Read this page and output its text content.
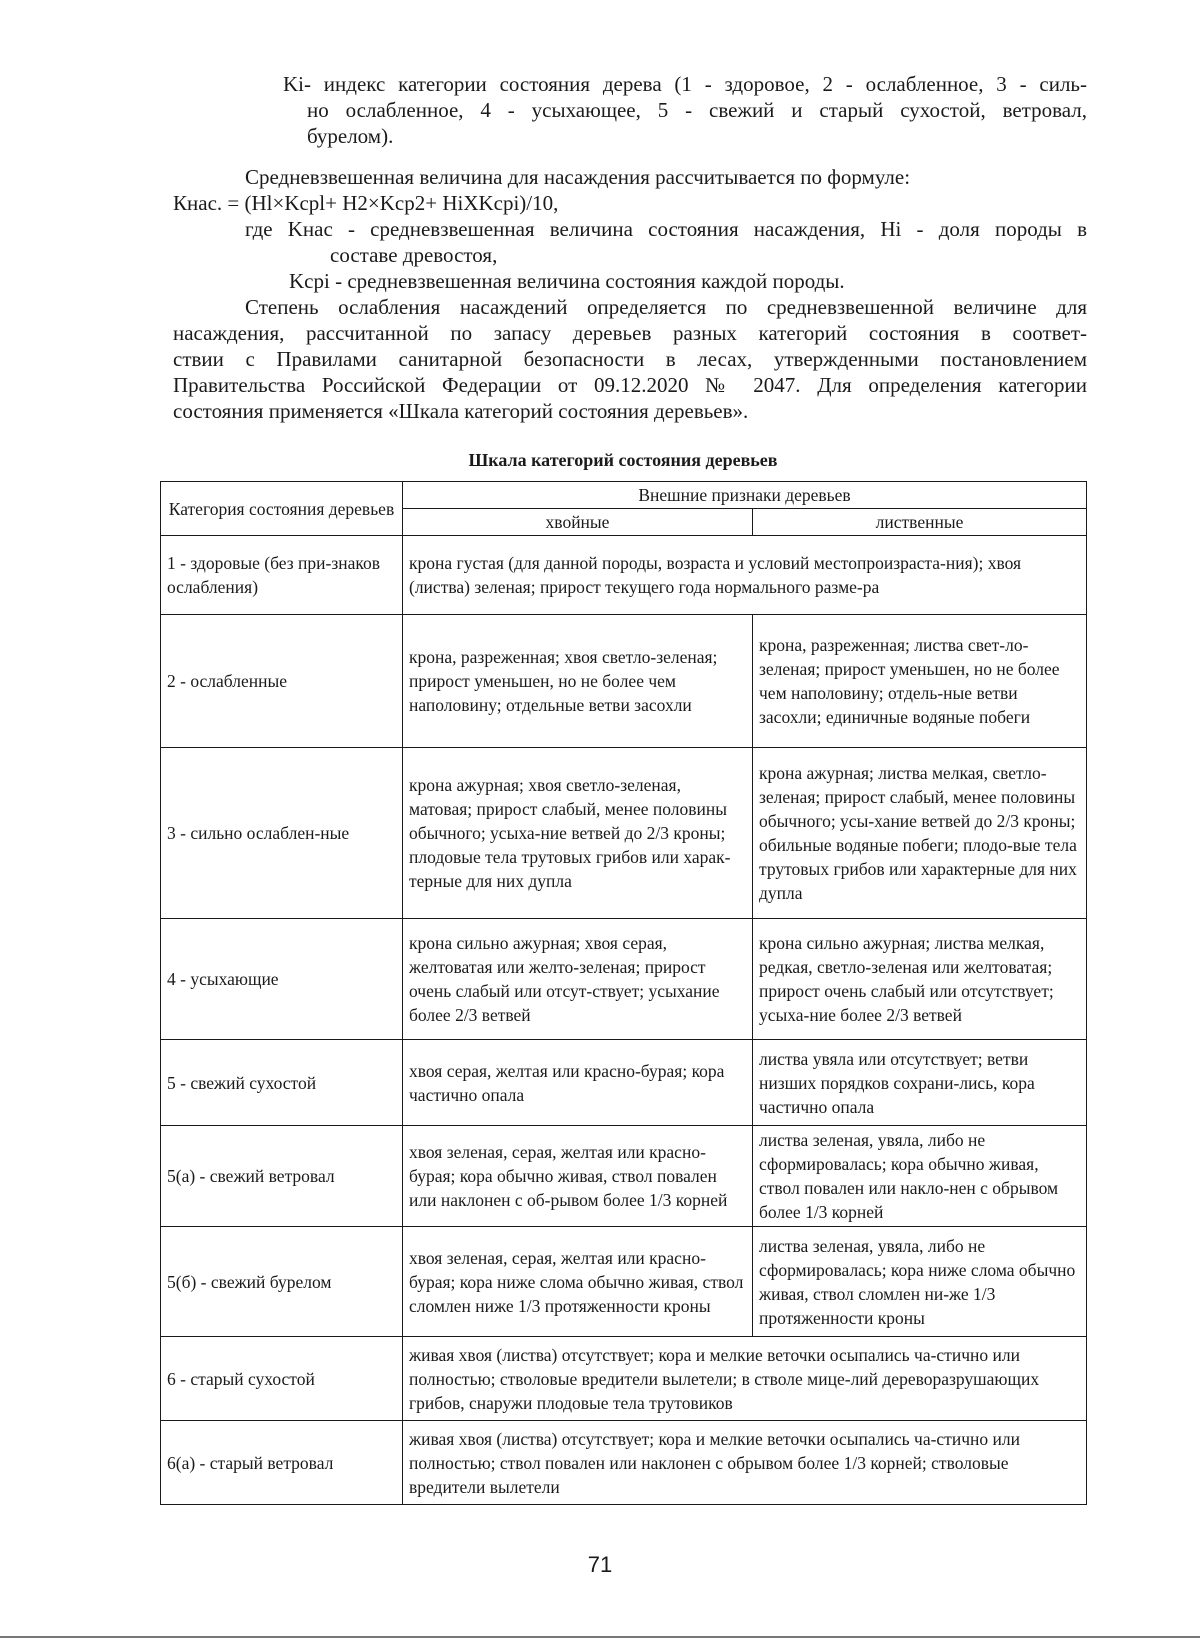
Ki- индекс категории состояния дерева (1 - здоровое, 2 - ослабленное, 3 - силь-
но ослабленное, 4 - усыхающее, 5 - свежий и старый сухостой, ветровал,
бурелом).
Средневзвешенная величина для насаждения рассчитывается по формуле:
Кнас. = (Hl×Kcpl+ H2×Kcp2+ HiXKcpi)/10,
где Kнас - средневзвешенная величина состояния насаждения, Hi - доля породы в
составе древостоя,
Kcpi - средневзвешенная величина состояния каждой породы.
Степень ослабления насаждений определяется по средневзвешенной величине для
насаждения, рассчитанной по запасу деревьев разных категорий состояния в соответ-
ствии с Правилами санитарной безопасности в лесах, утвержденными постановлением
Правительства Российской Федерации от 09.12.2020 № 2047. Для определения категории
состояния применяется «Шкала категорий состояния деревьев».
Шкала категорий состояния деревьев
Категория состояния деревьев	Внешние признаки деревьев	
	хвойные	лиственные
1 - здоровые (без при-знаков ослабления)	крона густая (для данной породы, возраста и условий местопроизраста-ния); хвоя (листва) зеленая; прирост текущего года нормального разме-ра	
2 - ослабленные	крона, разреженная; хвоя светло-зеленая; прирост уменьшен, но не более чем наполовину; отдельные ветви засохли	крона, разреженная; листва свет-ло-зеленая; прирост уменьшен, но не более чем наполовину; отдель-ные ветви засохли; единичные водяные побеги
3 - сильно ослаблен-ные	крона ажурная; хвоя светло-зеленая, матовая; прирост слабый, менее половины обычного; усыха-ние ветвей до 2/3 кроны; плодовые тела трутовых грибов или харак-терные для них дупла	крона ажурная; листва мелкая, светло-зеленая; прирост слабый, менее половины обычного; усы-хание ветвей до 2/3 кроны; обильные водяные побеги; плодо-вые тела трутовых грибов или характерные для них дупла
4 - усыхающие	крона сильно ажурная; хвоя серая, желтоватая или желто-зеленая; прирост очень слабый или отсут-ствует; усыхание более 2/3 ветвей	крона сильно ажурная; листва мелкая, редкая, светло-зеленая или желтоватая; прирост очень слабый или отсутствует; усыха-ние более 2/3 ветвей
5 - свежий сухостой	хвоя серая, желтая или красно-бурая; кора частично опала	листва увяла или отсутствует; ветви низших порядков сохрани-лись, кора частично опала
5(а) - свежий ветровал	хвоя зеленая, серая, желтая или красно-бурая; кора обычно живая, ствол повален или наклонен с об-рывом более 1/3 корней	листва зеленая, увяла, либо не сформировалась; кора обычно живая, ствол повален или накло-нен с обрывом более 1/3 корней
5(б) - свежий бурелом	хвоя зеленая, серая, желтая или красно-бурая; кора ниже слома обычно живая, ствол сломлен ниже 1/3 протяженности кроны	листва зеленая, увяла, либо не сформировалась; кора ниже слома обычно живая, ствол сломлен ни-же 1/3 протяженности кроны
6 - старый сухостой	живая хвоя (листва) отсутствует; кора и мелкие веточки осыпались ча-стично или полностью; стволовые вредители вылетели; в стволе мице-лий дереворазрушающих грибов, снаружи плодовые тела трутовиков	
6(а) - старый ветровал	живая хвоя (листва) отсутствует; кора и мелкие веточки осыпались ча-стично или полностью; ствол повален или наклонен с обрывом более 1/3 корней; стволовые вредители вылетели	
71
